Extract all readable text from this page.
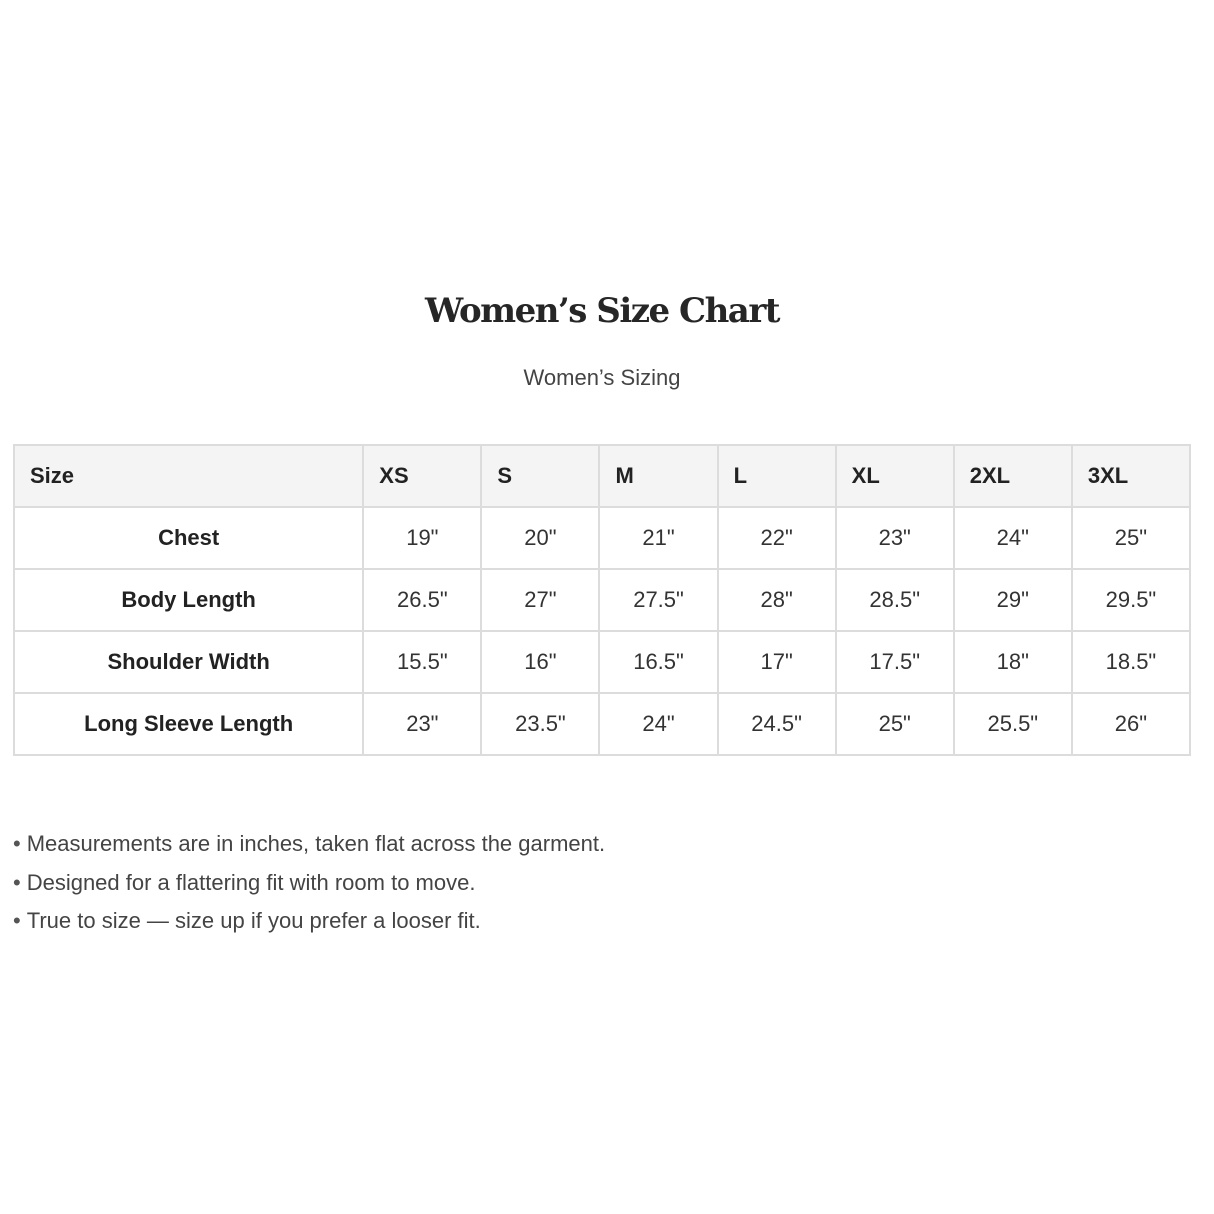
Women’s Size Chart
Women’s Sizing
Size	XS	S	M	L	XL	2XL	3XL
Chest	19"	20"	21"	22"	23"	24"	25"
Body Length	26.5"	27"	27.5"	28"	28.5"	29"	29.5"
Shoulder Width	15.5"	16"	16.5"	17"	17.5"	18"	18.5"
Long Sleeve Length	23"	23.5"	24"	24.5"	25"	25.5"	26"
• Measurements are in inches, taken flat across the garment.
• Designed for a flattering fit with room to move.
• True to size — size up if you prefer a looser fit.
